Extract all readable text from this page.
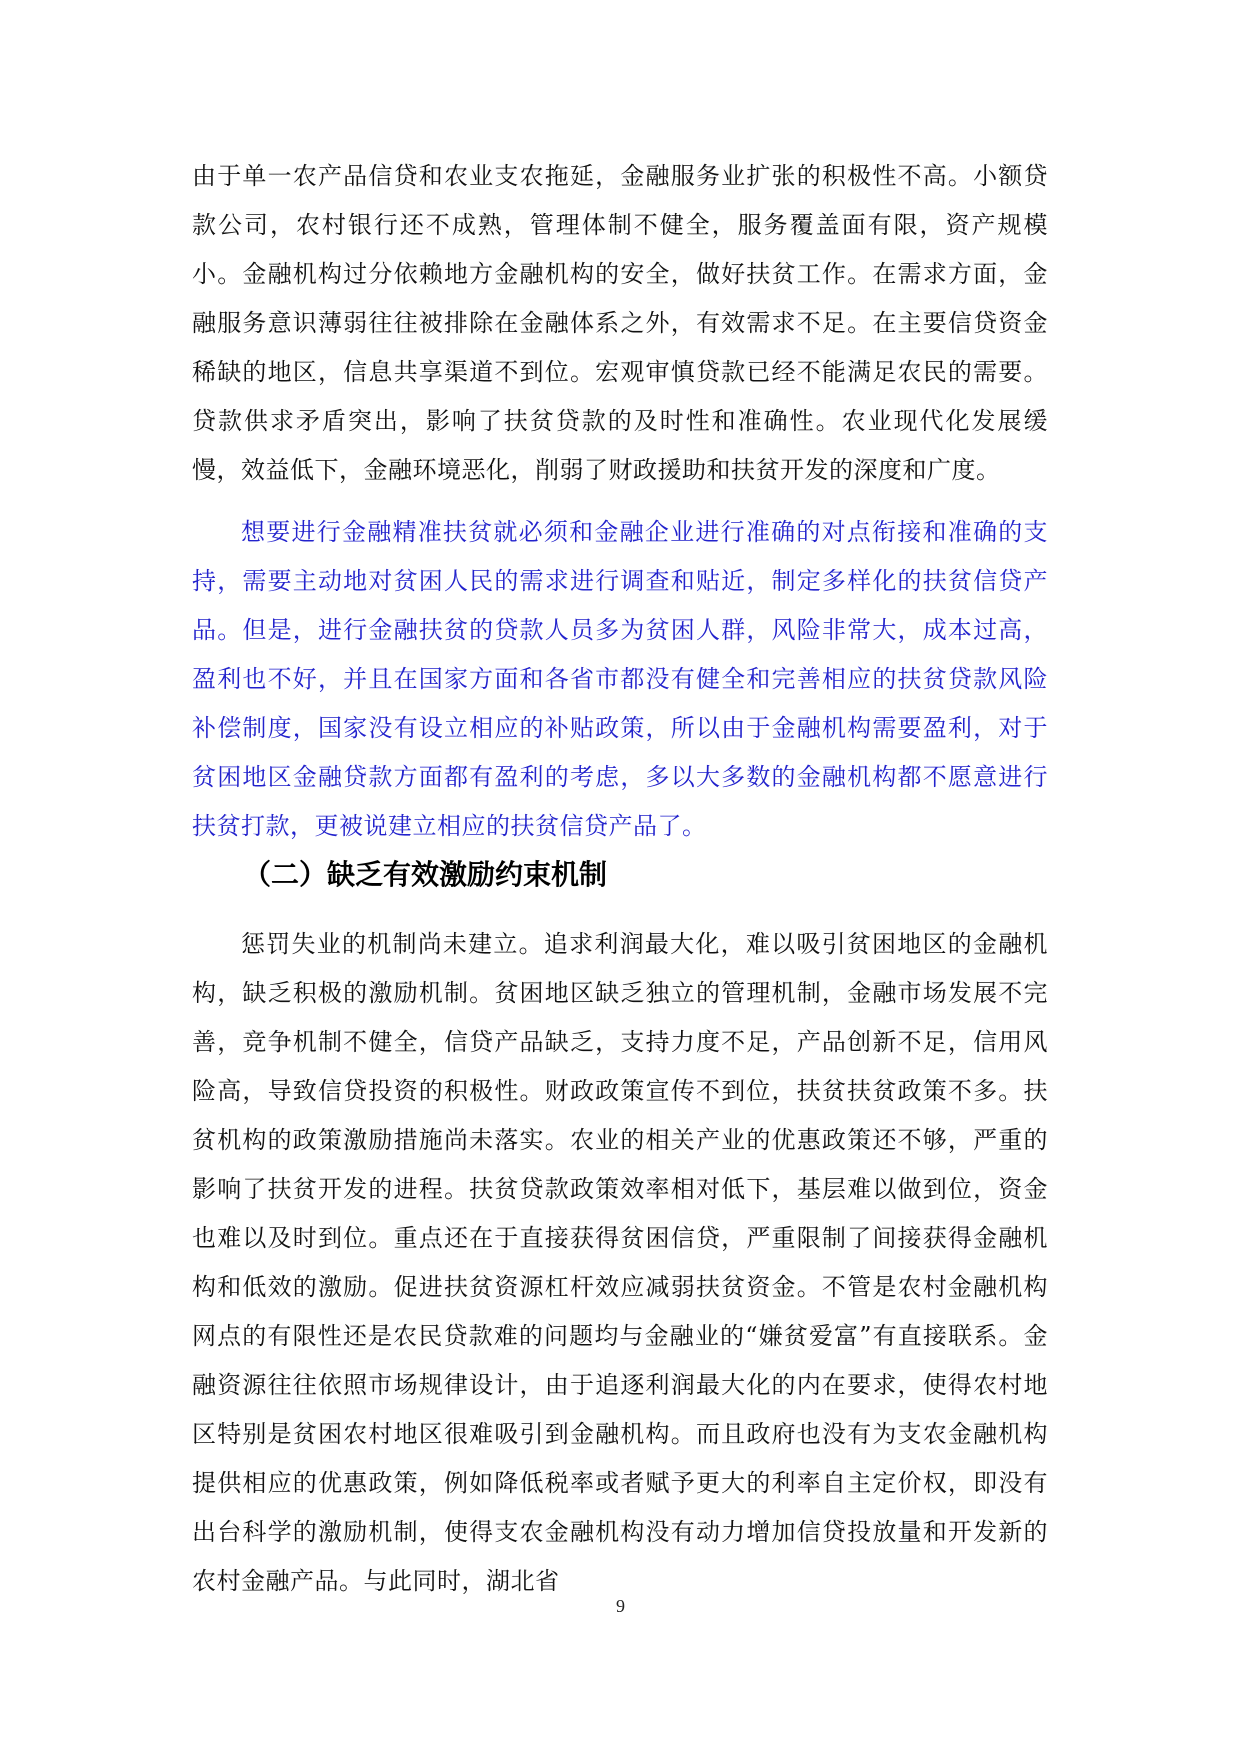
由于单一农产品信贷和农业支农拖延，金融服务业扩张的积极性不高。小额贷款公司，农村银行还不成熟，管理体制不健全，服务覆盖面有限，资产规模小。金融机构过分依赖地方金融机构的安全，做好扶贫工作。在需求方面，金融服务意识薄弱往往被排除在金融体系之外，有效需求不足。在主要信贷资金稀缺的地区，信息共享渠道不到位。宏观审慎贷款已经不能满足农民的需要。贷款供求矛盾突出，影响了扶贫贷款的及时性和准确性。农业现代化发展缓慢，效益低下，金融环境恶化，削弱了财政援助和扶贫开发的深度和广度。

想要进行金融精准扶贫就必须和金融企业进行准确的对点衔接和准确的支持，需要主动地对贫困人民的需求进行调查和贴近，制定多样化的扶贫信贷产品。但是，进行金融扶贫的贷款人员多为贫困人群，风险非常大，成本过高，盈利也不好，并且在国家方面和各省市都没有健全和完善相应的扶贫贷款风险补偿制度，国家没有设立相应的补贴政策，所以由于金融机构需要盈利，对于贫困地区金融贷款方面都有盈利的考虑，多以大多数的金融机构都不愿意进行扶贫打款，更被说建立相应的扶贫信贷产品了。

（二）缺乏有效激励约束机制

惩罚失业的机制尚未建立。追求利润最大化，难以吸引贫困地区的金融机构，缺乏积极的激励机制。贫困地区缺乏独立的管理机制，金融市场发展不完善，竞争机制不健全，信贷产品缺乏，支持力度不足，产品创新不足，信用风险高，导致信贷投资的积极性。财政政策宣传不到位，扶贫扶贫政策不多。扶贫机构的政策激励措施尚未落实。农业的相关产业的优惠政策还不够，严重的影响了扶贫开发的进程。扶贫贷款政策效率相对低下，基层难以做到位，资金也难以及时到位。重点还在于直接获得贫困信贷，严重限制了间接获得金融机构和低效的激励。促进扶贫资源杠杆效应减弱扶贫资金。不管是农村金融机构网点的有限性还是农民贷款难的问题均与金融业的“嫌贫爱富”有直接联系。金融资源往往依照市场规律设计，由于追逐利润最大化的内在要求，使得农村地区特别是贫困农村地区很难吸引到金融机构。而且政府也没有为支农金融机构提供相应的优惠政策，例如降低税率或者赋予更大的利率自主定价权，即没有出台科学的激励机制，使得支农金融机构没有动力增加信贷投放量和开发新的农村金融产品。与此同时，湖北省

9
